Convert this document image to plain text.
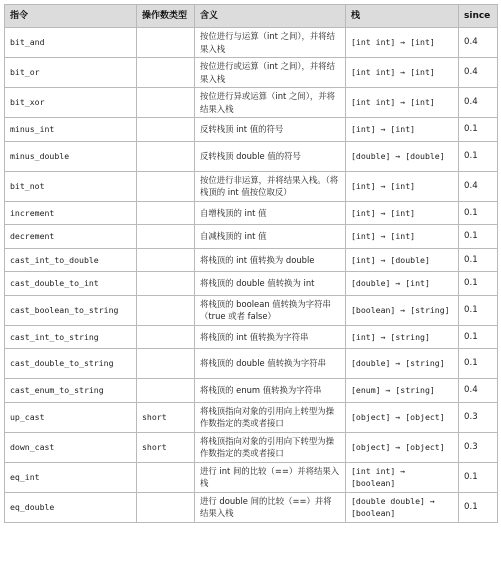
指令	操作数类型	含义	栈	since
bit_and		按位进行与运算（int 之间），并将结果入栈	[int int] → [int]	0.4
bit_or		按位进行或运算（int 之间），并将结果入栈	[int int] → [int]	0.4
bit_xor		按位进行异或运算（int 之间），并将结果入栈	[int int] → [int]	0.4
minus_int		反转栈顶 int 值的符号	[int] → [int]	0.1
minus_double		反转栈顶 double 值的符号	[double] → [double]	0.1
bit_not		按位进行非运算，并将结果入栈。（将栈顶的 int 值按位取反）	[int] → [int]	0.4
increment		自增栈顶的 int 值	[int] → [int]	0.1
decrement		自减栈顶的 int 值	[int] → [int]	0.1
cast_int_to_double		将栈顶的 int 值转换为 double	[int] → [double]	0.1
cast_double_to_int		将栈顶的 double 值转换为 int	[double] → [int]	0.1
cast_boolean_to_string		将栈顶的 boolean 值转换为字符串（true 或者 false）	[boolean] → [string]	0.1
cast_int_to_string		将栈顶的 int 值转换为字符串	[int] → [string]	0.1
cast_double_to_string		将栈顶的 double 值转换为字符串	[double] → [string]	0.1
cast_enum_to_string		将栈顶的 enum 值转换为字符串	[enum] → [string]	0.4
up_cast	short	将栈顶指向对象的引用向上转型为操作数指定的类或者接口	[object] → [object]	0.3
down_cast	short	将栈顶指向对象的引用向下转型为操作数指定的类或者接口	[object] → [object]	0.3
eq_int		进行 int 间的比较（==）并将结果入栈	[int int] → [boolean]	0.1
eq_double		进行 double 间的比较（==）并将结果入栈	[double double] → [boolean]	0.1
